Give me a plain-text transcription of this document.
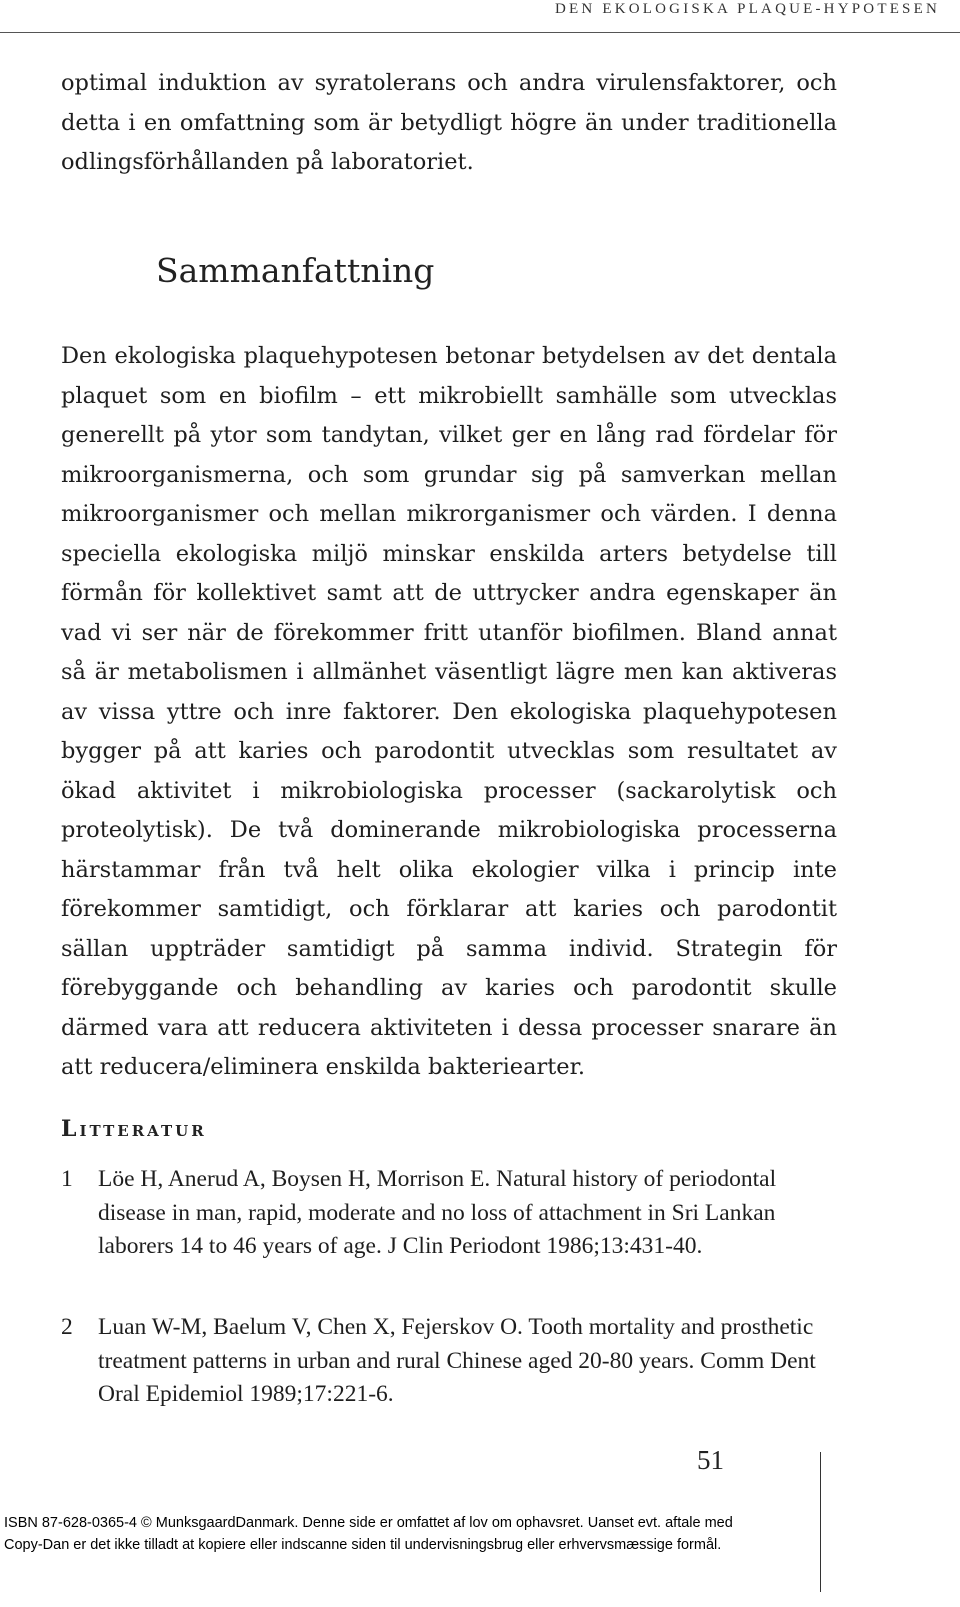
DEN EKOLOGISKA PLAQUE-HYPOTESEN

optimal induktion av syratolerans och andra virulensfaktorer, och detta i en omfattning som är betydligt högre än under traditionella odlingsförhållanden på laboratoriet.

Sammanfattning

Den ekologiska plaquehypotesen betonar betydelsen av det dentala plaquet som en biofilm – ett mikrobiellt samhälle som utvecklas generellt på ytor som tandytan, vilket ger en lång rad fördelar för mikroorganismerna, och som grundar sig på samverkan mellan mikroorganismer och mellan mikrorganismer och värden. I denna speciella ekologiska miljö minskar enskilda arters betydelse till förmån för kollektivet samt att de uttrycker andra egenskaper än vad vi ser när de förekommer fritt utanför biofilmen. Bland annat så är metabolismen i allmänhet väsentligt lägre men kan aktiveras av vissa yttre och inre faktorer. Den ekologiska plaquehypotesen bygger på att karies och parodontit utvecklas som resultatet av ökad aktivitet i mikrobiologiska processer (sackarolytisk och proteolytisk). De två dominerande mikrobiologiska processerna härstammar från två helt olika ekologier vilka i princip inte förekommer samtidigt, och förklarar att karies och parodontit sällan uppträder samtidigt på samma individ. Strategin för förebyggande och behandling av karies och parodontit skulle därmed vara att reducera aktiviteten i dessa processer snarare än att reducera/eliminera enskilda bakteriearter.

Litteratur
1	Löe H, Anerud A, Boysen H, Morrison E. Natural history of periodontal disease in man, rapid, moderate and no loss of attachment in Sri Lankan laborers 14 to 46 years of age. J Clin Periodont 1986;13:431-40.
2	Luan W-M, Baelum V, Chen X, Fejerskov O. Tooth mortality and prosthetic treatment patterns in urban and rural Chinese aged 20-80 years. Comm Dent Oral Epidemiol 1989;17:221-6.
51
ISBN 87-628-0365-4 © MunksgaardDanmark. Denne side er omfattet af lov om ophavsret. Uanset evt. aftale med
Copy-Dan er det ikke tilladt at kopiere eller indscanne siden til undervisningsbrug eller erhvervsmæssige formål.
